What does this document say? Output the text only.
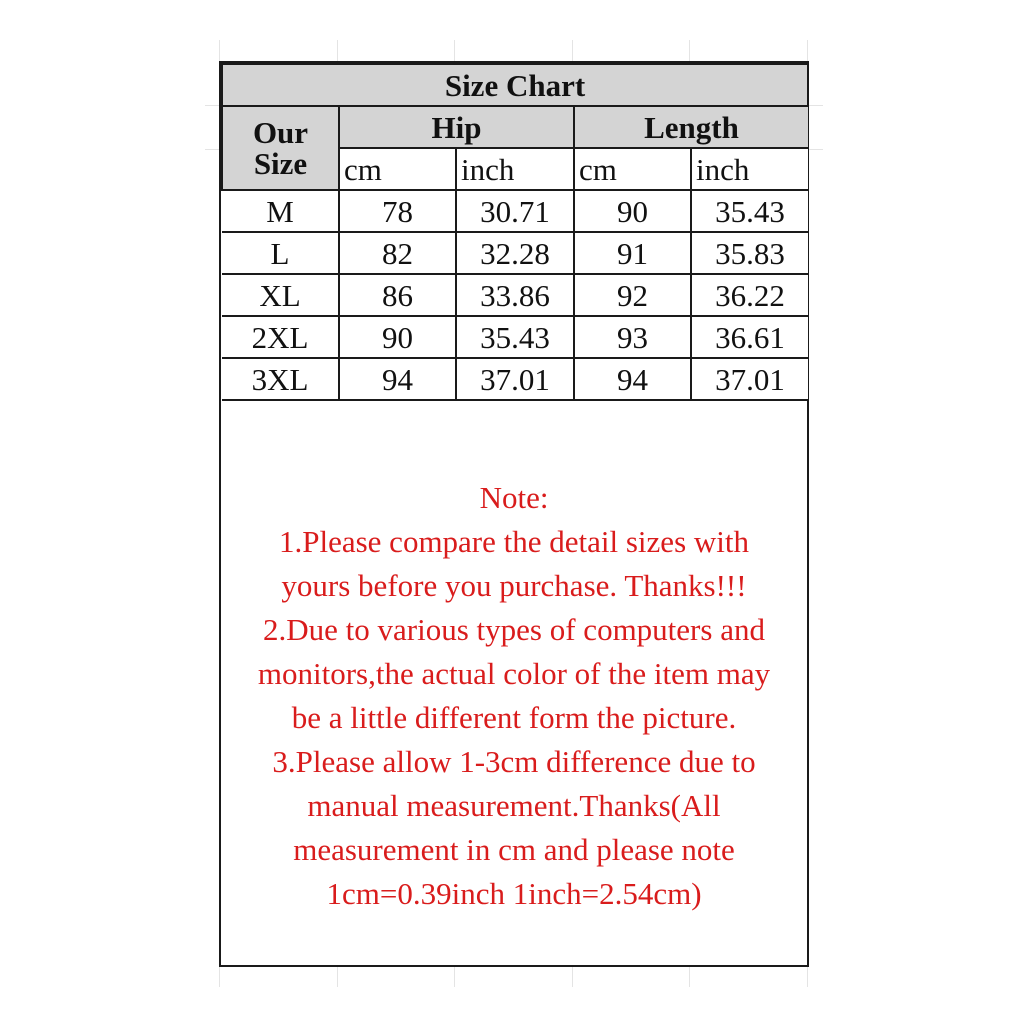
Size Chart				

Our
Size	Hip		Length	
	cm	inch	cm	inch
M	78	30.71	90	35.43
L	82	32.28	91	35.83
XL	86	33.86	92	36.22
2XL	90	35.43	93	36.61
3XL	94	37.01	94	37.01
Note:
1.Please compare the detail sizes with
yours before you purchase. Thanks!!!
2.Due to various types of computers and
monitors,the actual color of the item may
be a little different form the picture.
3.Please allow 1-3cm difference due to
manual measurement.Thanks(All
measurement in cm and please note
1cm=0.39inch 1inch=2.54cm)
